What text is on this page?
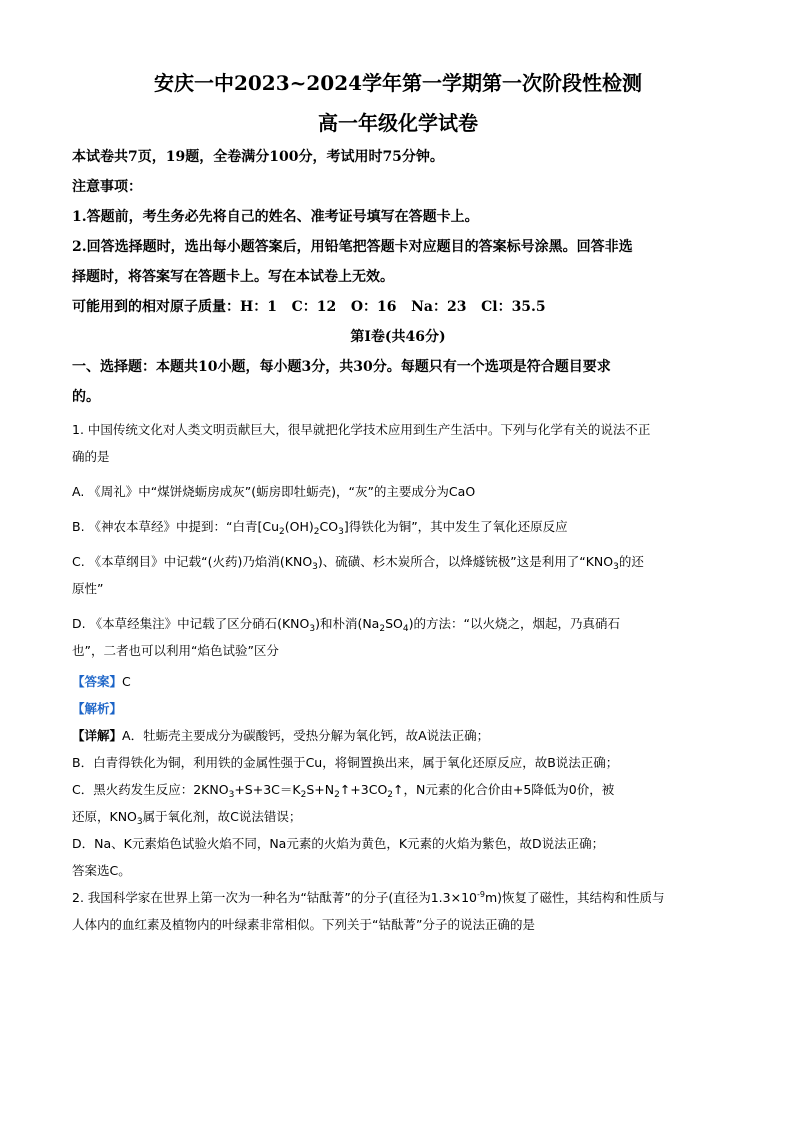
安庆一中2023~2024学年第一学期第一次阶段性检测

高一年级化学试卷

本试卷共7页，19题，全卷满分100分，考试用时75分钟。

注意事项：

1.答题前，考生务必先将自己的姓名、准考证号填写在答题卡上。

2.回答选择题时，选出每小题答案后，用铅笔把答题卡对应题目的答案标号涂黑。回答非选

择题时，将答案写在答题卡上。写在本试卷上无效。

可能用到的相对原子质量：H：1   C：12   O：16   Na：23   Cl：35.5

第Ⅰ卷(共46分)

一、选择题：本题共10小题，每小题3分，共30分。每题只有一个选项是符合题目要求

的。

1. 中国传统文化对人类文明贡献巨大，很早就把化学技术应用到生产生活中。下列与化学有关的说法不正

确的是

A. 《周礼》中“煤饼烧蛎房成灰”(蛎房即牡蛎壳)，“灰”的主要成分为CaO

B. 《神农本草经》中提到：“白青$[Cu_2(OH)_2CO_3]$得铁化为铜”，其中发生了氧化还原反应

C. 《本草纲目》中记载“(火药)乃焰消$(KNO_3)$、硫磺、杉木炭所合，以烽燧铳极”这是利用了“$KNO_3$的还

原性”

D. 《本草经集注》中记载了区分硝石$(KNO_3)$和朴消$(Na_2SO_4)$的方法：“以火烧之，烟起，乃真硝石

也”，二者也可以利用“焰色试验”区分

【答案】C

【解析】

【详解】A．牡蛎壳主要成分为碳酸钙，受热分解为氧化钙，故A说法正确；

B．白青得铁化为铜，利用铁的金属性强于Cu，将铜置换出来，属于氧化还原反应，故B说法正确；

C．黑火药发生反应：$2KNO_3+S+3C=K_2S+N_2↑+3CO_2↑$，N元素的化合价由+5降低为0价，被

还原，$KNO_3$属于氧化剂，故C说法错误；

D．Na、K元素焰色试验火焰不同，Na元素的火焰为黄色，K元素的火焰为紫色，故D说法正确；

答案选C。

2. 我国科学家在世界上第一次为一种名为“钴酞菁”的分子(直径为$1.3\times 10^{-9}m$)恢复了磁性，其结构和性质与

人体内的血红素及植物内的叶绿素非常相似。下列关于“钴酞菁”分子的说法正确的是
